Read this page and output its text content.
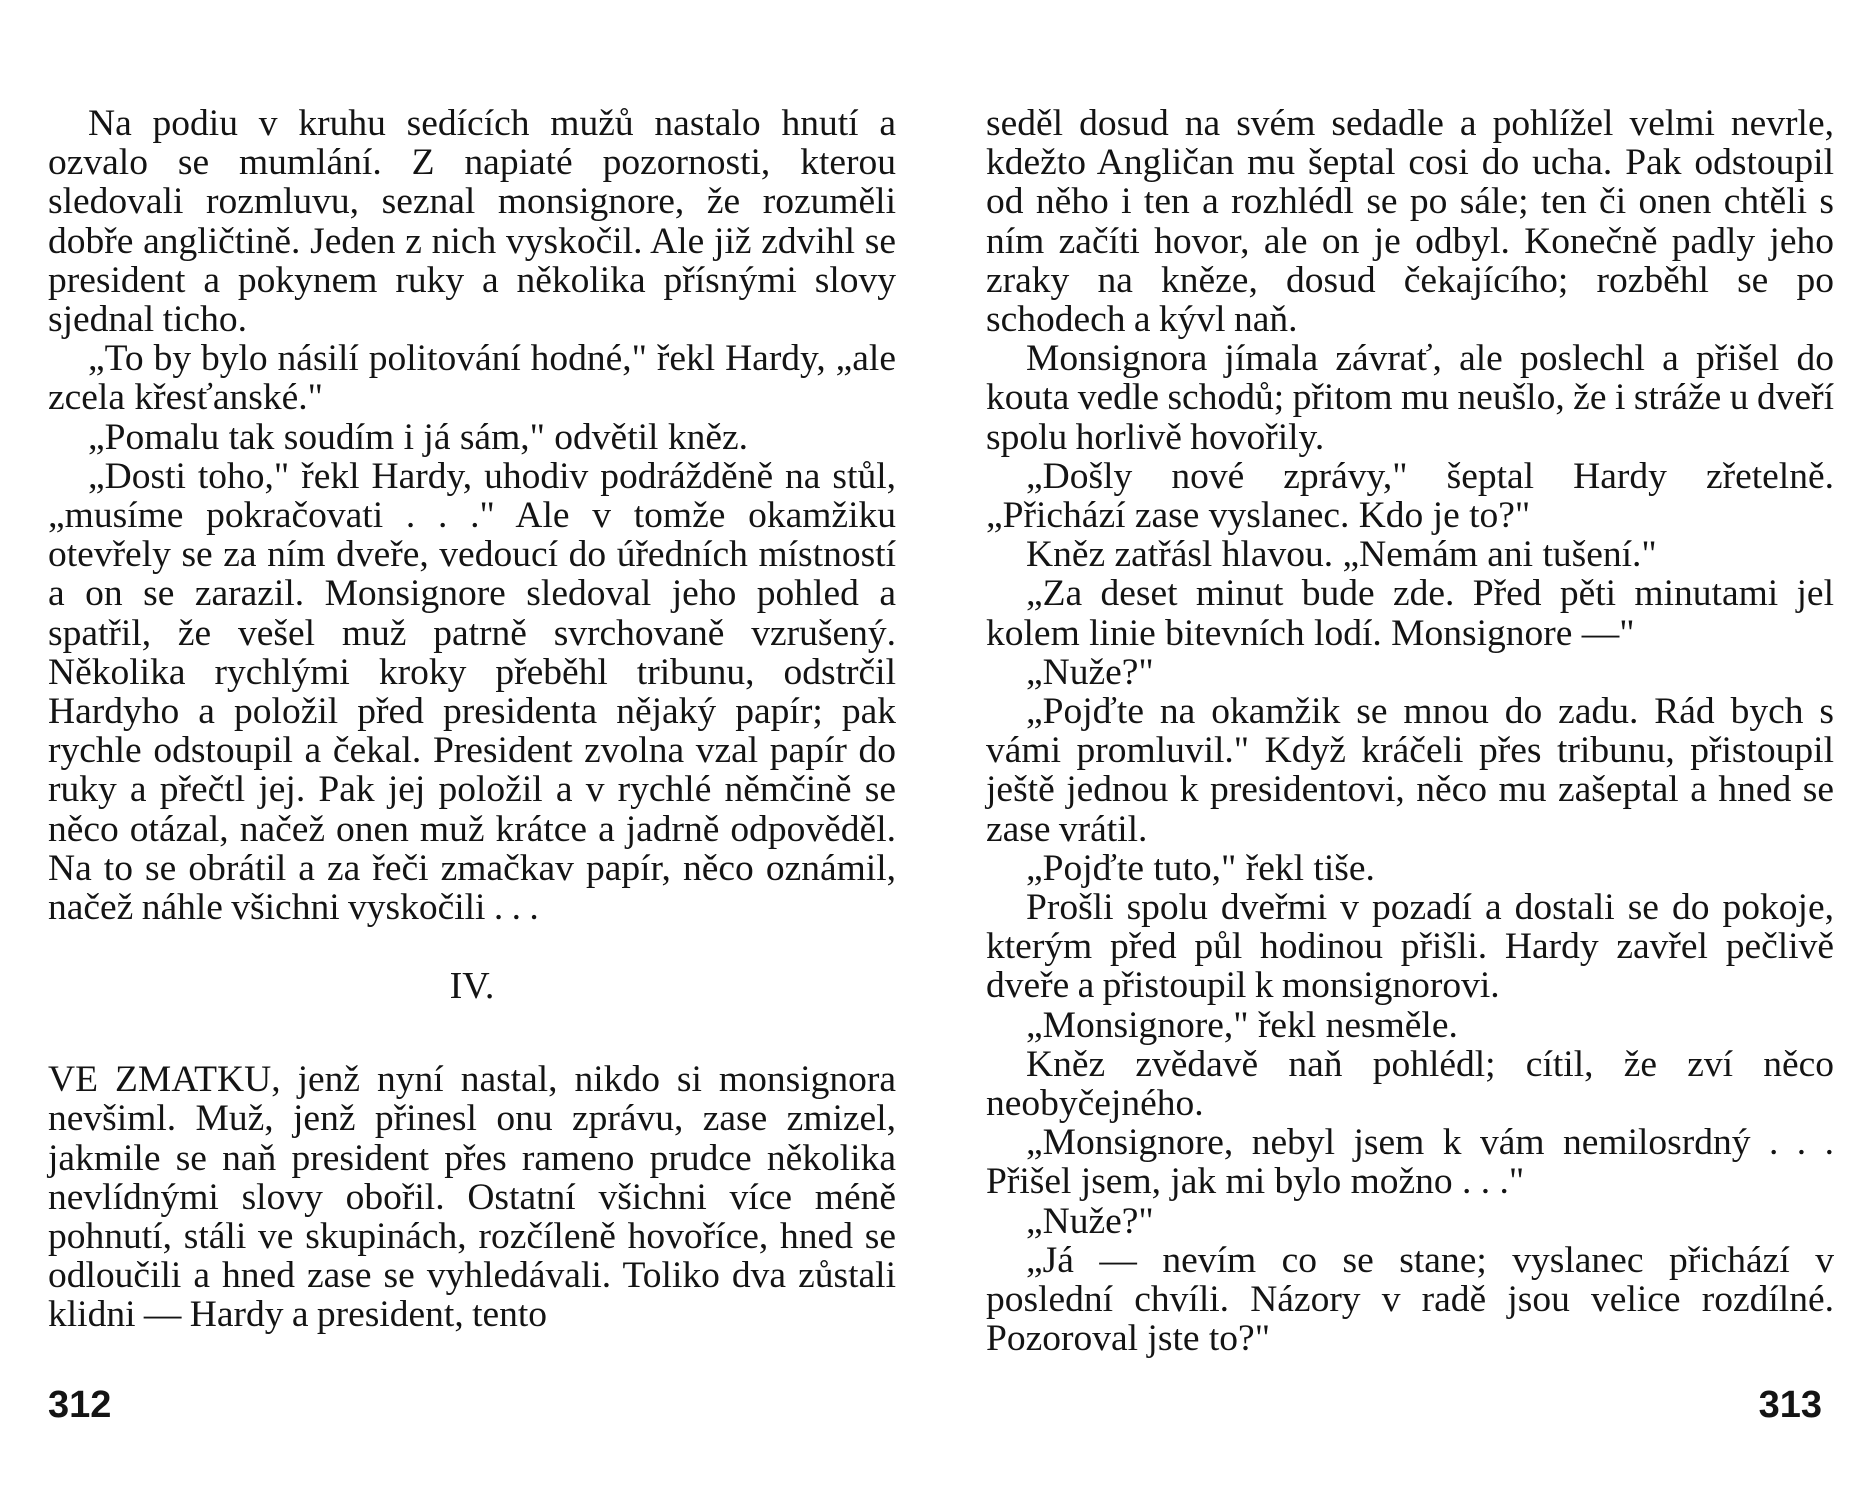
Na podiu v kruhu sedících mužů nastalo hnutí a ozvalo se mumlání. Z napiaté pozornosti, kterou sledovali rozmluvu, seznal monsignore, že rozuměli dobře angličtině. Jeden z nich vyskočil. Ale již zdvihl se president a pokynem ruky a několika přísnými slovy sjednal ticho.

„To by bylo násilí politování hodné," řekl Hardy, „ale zcela křesťanské."

„Pomalu tak soudím i já sám," odvětil kněz.

„Dosti toho," řekl Hardy, uhodiv podrážděně na stůl, „musíme pokračovati . . ." Ale v tomže okamžiku otevřely se za ním dveře, vedoucí do úředních místností a on se zarazil. Monsignore sledoval jeho pohled a spatřil, že vešel muž patrně svrchovaně vzrušený. Několika rychlými kroky přeběhl tribunu, odstrčil Hardyho a položil před presidenta nějaký papír; pak rychle odstoupil a čekal. President zvolna vzal papír do ruky a přečtl jej. Pak jej položil a v rychlé němčině se něco otázal, načež onen muž krátce a jadrně odpověděl. Na to se obrátil a za řeči zmačkav papír, něco oznámil, načež náhle všichni vyskočili . . .

IV.

VE ZMATKU, jenž nyní nastal, nikdo si monsignora nevšiml. Muž, jenž přinesl onu zprávu, zase zmizel, jakmile se naň president přes rameno prudce několika nevlídnými slovy obořil. Ostatní všichni více méně pohnutí, stáli ve skupinách, rozčíleně hovoříce, hned se odloučili a hned zase se vyhledávali. Toliko dva zůstali klidni — Hardy a president, tento

seděl dosud na svém sedadle a pohlížel velmi nevrle, kdežto Angličan mu šeptal cosi do ucha. Pak odstoupil od něho i ten a rozhlédl se po sále; ten či onen chtěli s ním začíti hovor, ale on je odbyl. Konečně padly jeho zraky na kněze, dosud čekajícího; rozběhl se po schodech a kývl naň.

Monsignora jímala závrať, ale poslechl a přišel do kouta vedle schodů; přitom mu neušlo, že i stráže u dveří spolu horlivě hovořily.

„Došly nové zprávy," šeptal Hardy zřetelně. „Přichází zase vyslanec. Kdo je to?"

Kněz zatřásl hlavou. „Nemám ani tušení."

„Za deset minut bude zde. Před pěti minutami jel kolem linie bitevních lodí. Monsignore —"

„Nuže?"

„Pojďte na okamžik se mnou do zadu. Rád bych s vámi promluvil." Když kráčeli přes tribunu, přistoupil ještě jednou k presidentovi, něco mu zašeptal a hned se zase vrátil.

„Pojďte tuto," řekl tiše.

Prošli spolu dveřmi v pozadí a dostali se do pokoje, kterým před půl hodinou přišli. Hardy zavřel pečlivě dveře a přistoupil k monsignorovi.

„Monsignore," řekl nesměle.

Kněz zvědavě naň pohlédl; cítil, že zví něco neobyčejného.

„Monsignore, nebyl jsem k vám nemilosrdný . . . Přišel jsem, jak mi bylo možno . . ."

„Nuže?"

„Já — nevím co se stane; vyslanec přichází v poslední chvíli. Názory v radě jsou velice rozdílné. Pozoroval jste to?"

312	313
